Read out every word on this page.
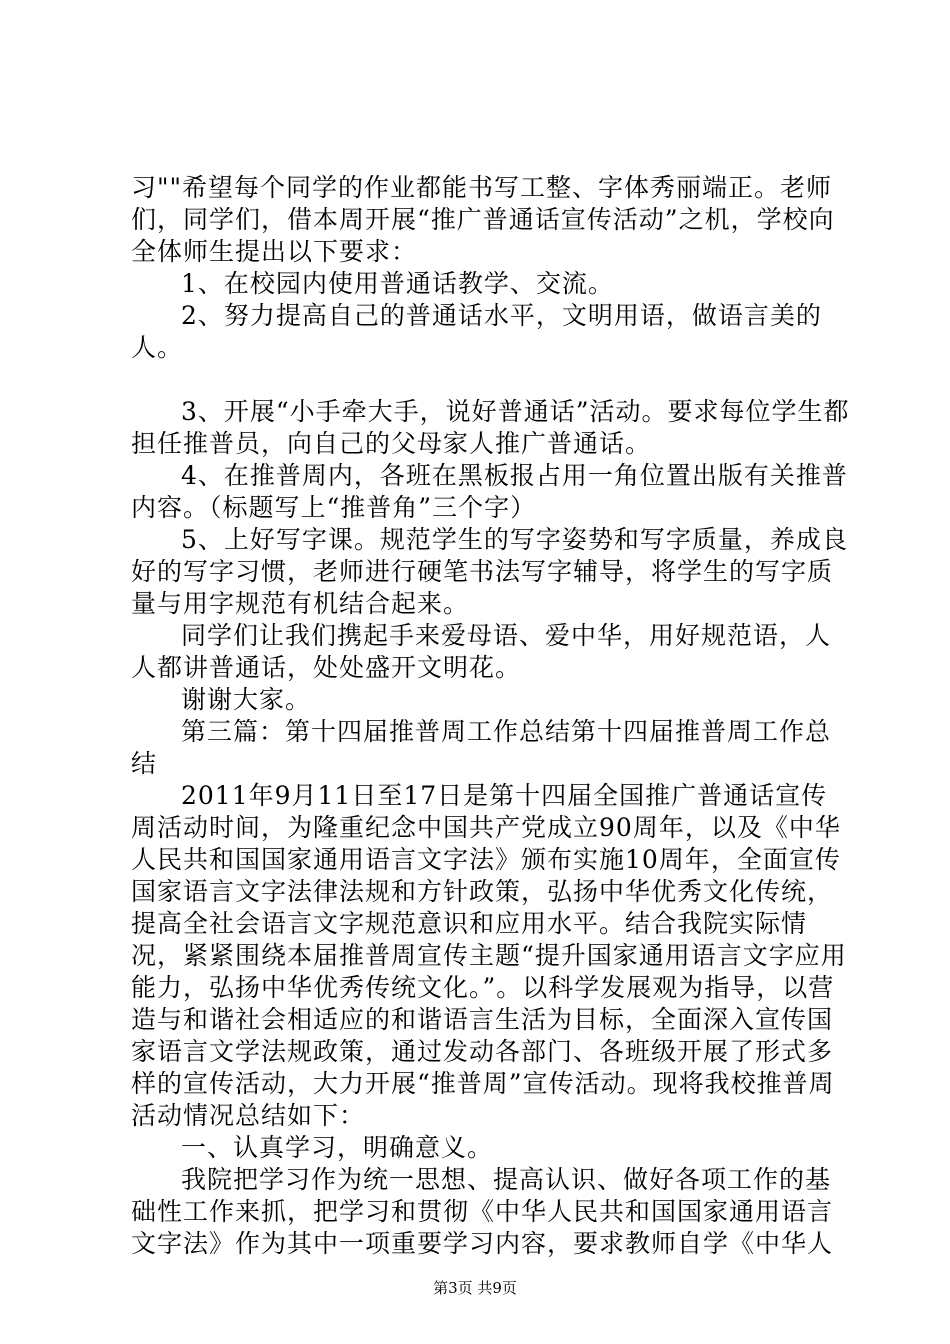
习""希望每个同学的作业都能书写工整、字体秀丽端正。老师们，同学们，借本周开展“推广普通话宣传活动”之机，学校向全体师生提出以下要求：

1、在校园内使用普通话教学、交流。

2、努力提高自己的普通话水平，文明用语，做语言美的人。

3、开展“小手牵大手，说好普通话”活动。要求每位学生都担任推普员，向自己的父母家人推广普通话。

4、在推普周内，各班在黑板报占用一角位置出版有关推普内容。（标题写上“推普角”三个字）

5、上好写字课。规范学生的写字姿势和写字质量，养成良好的写字习惯，老师进行硬笔书法写字辅导，将学生的写字质量与用字规范有机结合起来。

同学们让我们携起手来爱母语、爱中华，用好规范语，人人都讲普通话，处处盛开文明花。

谢谢大家。

第三篇：第十四届推普周工作总结第十四届推普周工作总结

2011年9月11日至17日是第十四届全国推广普通话宣传周活动时间，为隆重纪念中国共产党成立90周年，以及《中华人民共和国国家通用语言文字法》颁布实施10周年，全面宣传国家语言文字法律法规和方针政策，弘扬中华优秀文化传统，提高全社会语言文字规范意识和应用水平。结合我院实际情况，紧紧围绕本届推普周宣传主题“提升国家通用语言文字应用能力，弘扬中华优秀传统文化。”。以科学发展观为指导，以营造与和谐社会相适应的和谐语言生活为目标，全面深入宣传国家语言文学法规政策，通过发动各部门、各班级开展了形式多样的宣传活动，大力开展“推普周”宣传活动。现将我校推普周活动情况总结如下：

一、认真学习，明确意义。

我院把学习作为统一思想、提高认识、做好各项工作的基础性工作来抓，把学习和贯彻《中华人民共和国国家通用语言文字法》作为其中一项重要学习内容，要求教师自学《中华人

第3页 共9页
